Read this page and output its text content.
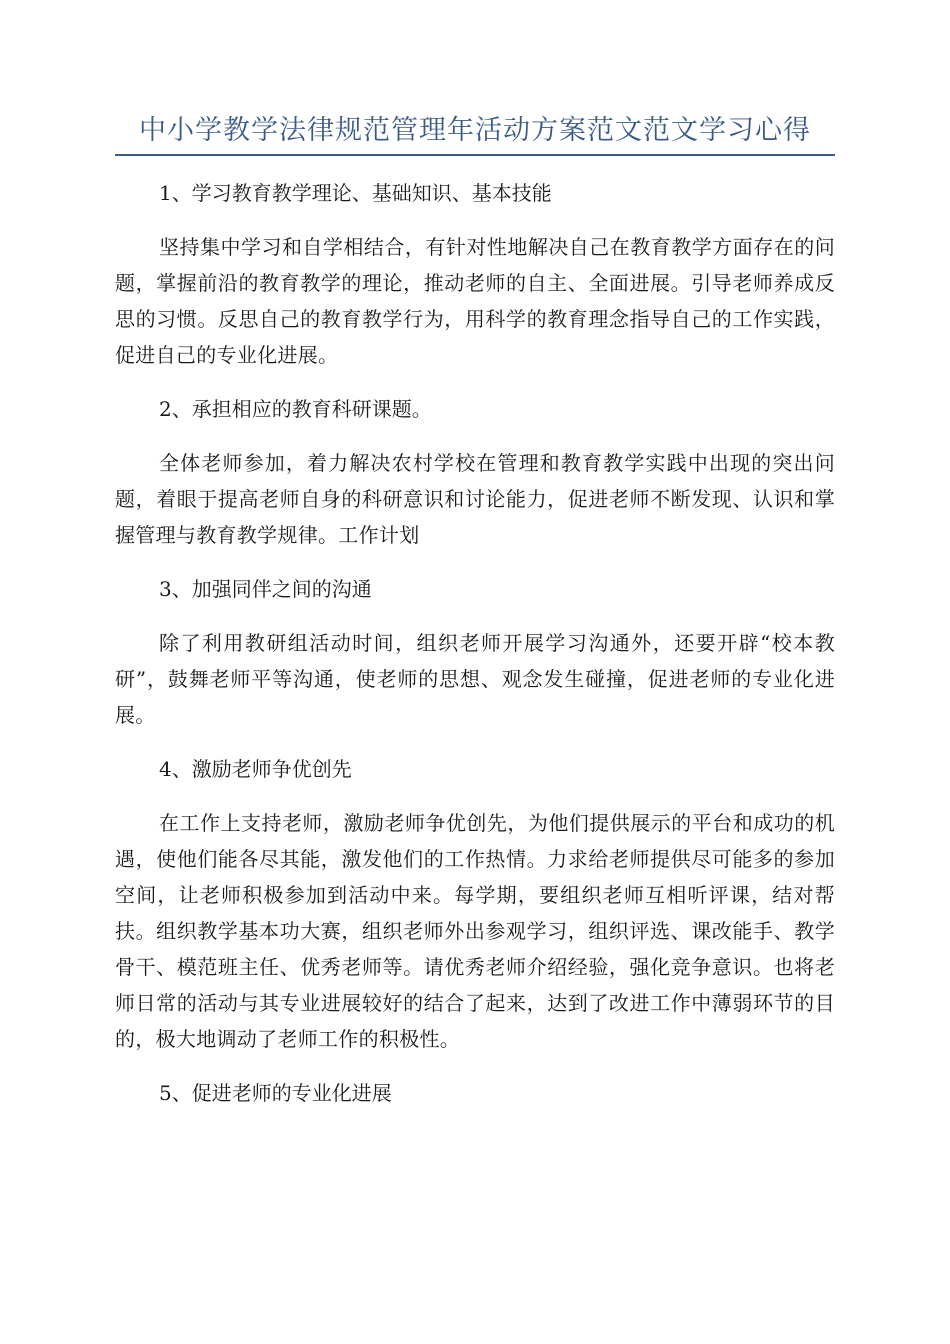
中小学教学法律规范管理年活动方案范文范文学习心得
1、学习教育教学理论、基础知识、基本技能
坚持集中学习和自学相结合，有针对性地解决自己在教育教学方面存在的问题，掌握前沿的教育教学的理论，推动老师的自主、全面进展。引导老师养成反思的习惯。反思自己的教育教学行为，用科学的教育理念指导自己的工作实践，促进自己的专业化进展。
2、承担相应的教育科研课题。
全体老师参加，着力解决农村学校在管理和教育教学实践中出现的突出问题，着眼于提高老师自身的科研意识和讨论能力，促进老师不断发现、认识和掌握管理与教育教学规律。工作计划
3、加强同伴之间的沟通
除了利用教研组活动时间，组织老师开展学习沟通外，还要开辟“校本教研”，鼓舞老师平等沟通，使老师的思想、观念发生碰撞，促进老师的专业化进展。
4、激励老师争优创先
在工作上支持老师，激励老师争优创先，为他们提供展示的平台和成功的机遇，使他们能各尽其能，激发他们的工作热情。力求给老师提供尽可能多的参加空间，让老师积极参加到活动中来。每学期，要组织老师互相听评课，结对帮扶。组织教学基本功大赛，组织老师外出参观学习，组织评选、课改能手、教学骨干、模范班主任、优秀老师等。请优秀老师介绍经验，强化竞争意识。也将老师日常的活动与其专业进展较好的结合了起来，达到了改进工作中薄弱环节的目的，极大地调动了老师工作的积极性。
5、促进老师的专业化进展
